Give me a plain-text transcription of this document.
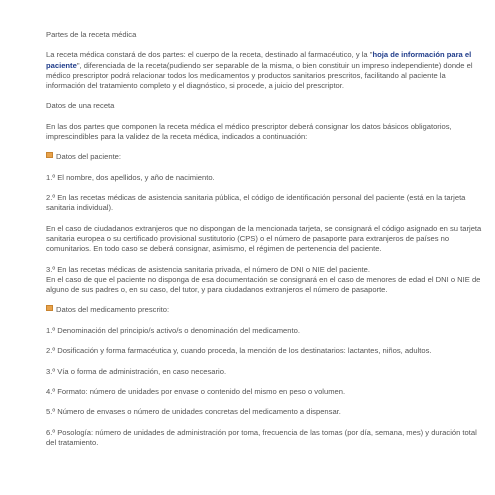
Partes de la receta médica

La receta médica constará de dos partes: el cuerpo de la receta, destinado al farmacéutico, y la "hoja de información para el paciente", diferenciada de la receta(pudiendo ser separable de la misma, o bien constituir un impreso independiente) donde el médico prescriptor podrá relacionar todos los medicamentos y productos sanitarios prescritos, facilitando al paciente la información del tratamiento completo y el diagnóstico, si procede, a juicio del prescriptor.

Datos de una receta

En las dos partes que componen la receta médica el médico prescriptor deberá consignar los datos básicos obligatorios, imprescindibles para la validez de la receta médica, indicados a continuación:

Datos del paciente:

1.º El nombre, dos apellidos, y año de nacimiento.

2.º En las recetas médicas de asistencia sanitaria pública, el código de identificación personal del paciente (está en la tarjeta sanitaria individual).

En el caso de ciudadanos extranjeros que no dispongan de la mencionada tarjeta, se consignará el código asignado en su tarjeta sanitaria europea o su certificado provisional sustitutorio (CPS) o el número de pasaporte para extranjeros de países no comunitarios. En todo caso se deberá consignar, asimismo, el régimen de pertenencia del paciente.

3.º En las recetas médicas de asistencia sanitaria privada, el número de DNI o NIE del paciente.

En el caso de que el paciente no disponga de esa documentación se consignará en el caso de menores de edad el DNI o NIE de alguno de sus padres o, en su caso, del tutor, y para ciudadanos extranjeros el número de pasaporte.

Datos del medicamento prescrito:

1.º Denominación del principio/s activo/s o denominación del medicamento.

2.º Dosificación y forma farmacéutica y, cuando proceda, la mención de los destinatarios: lactantes, niños, adultos.

3.º Vía o forma de administración, en caso necesario.

4.º Formato: número de unidades por envase o contenido del mismo en peso o volumen.

5.º Número de envases o número de unidades concretas del medicamento a dispensar.

6.º Posología: número de unidades de administración por toma, frecuencia de las tomas (por día, semana, mes) y duración total del tratamiento.
